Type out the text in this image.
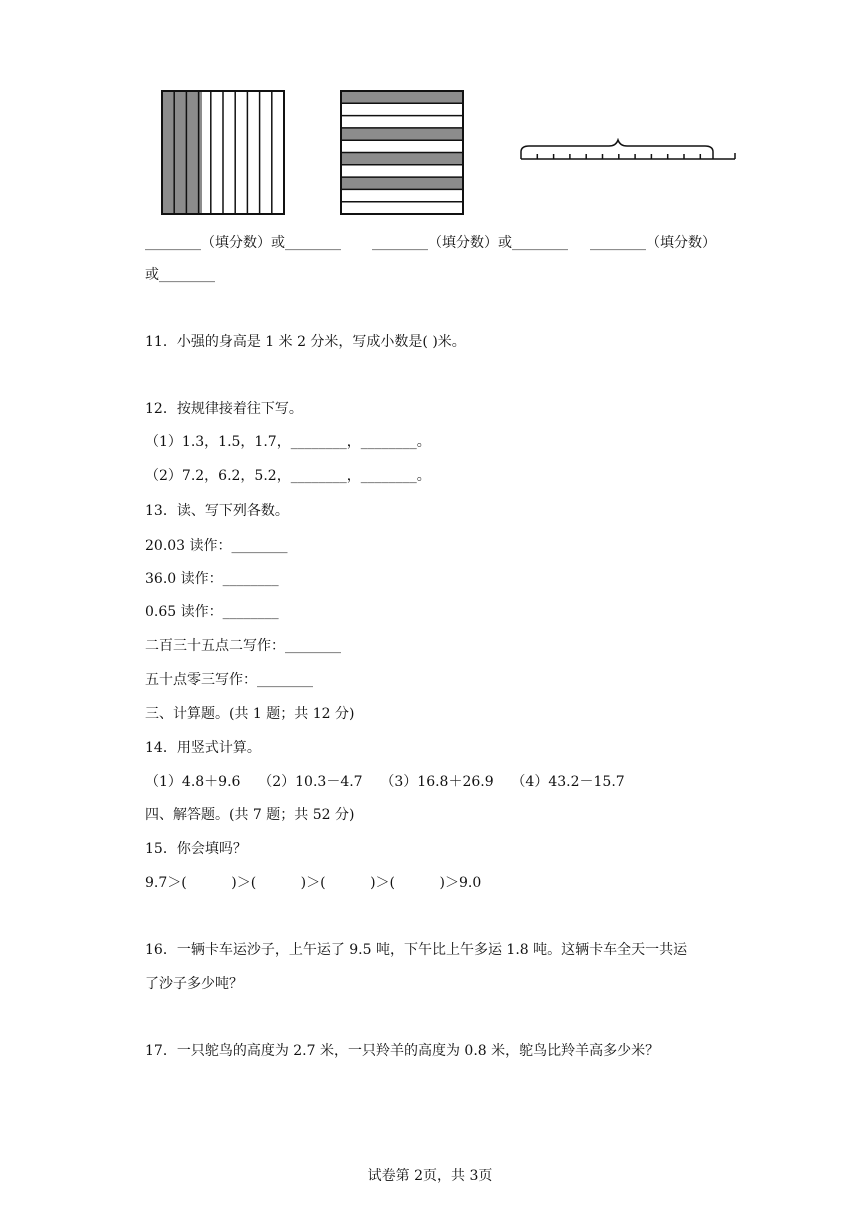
________（填分数）或________ ________（填分数）或________ ________（填分数）
或________
11．小强的身高是 1 米 2 分米，写成小数是( )米。
12．按规律接着往下写。
（1）1.3，1.5，1.7，________，________。
（2）7.2，6.2，5.2，________，________。
13．读、写下列各数。
20.03 读作：________
36.0 读作：________
0.65 读作：________
二百三十五点二写作：________
五十点零三写作：________
三、计算题。(共 1 题；共 12 分)
14．用竖式计算。
（1）4.8＋9.6    （2）10.3－4.7    （3）16.8＋26.9    （4）43.2－15.7
四、解答题。(共 7 题；共 52 分)
15．你会填吗？
9.7＞(          )＞(          )＞(          )＞(          )＞9.0
16．一辆卡车运沙子，上午运了 9.5 吨，下午比上午多运 1.8 吨。这辆卡车全天一共运
了沙子多少吨？
17．一只鸵鸟的高度为 2.7 米，一只羚羊的高度为 0.8 米，鸵鸟比羚羊高多少米？
试卷第 2页，共 3页
